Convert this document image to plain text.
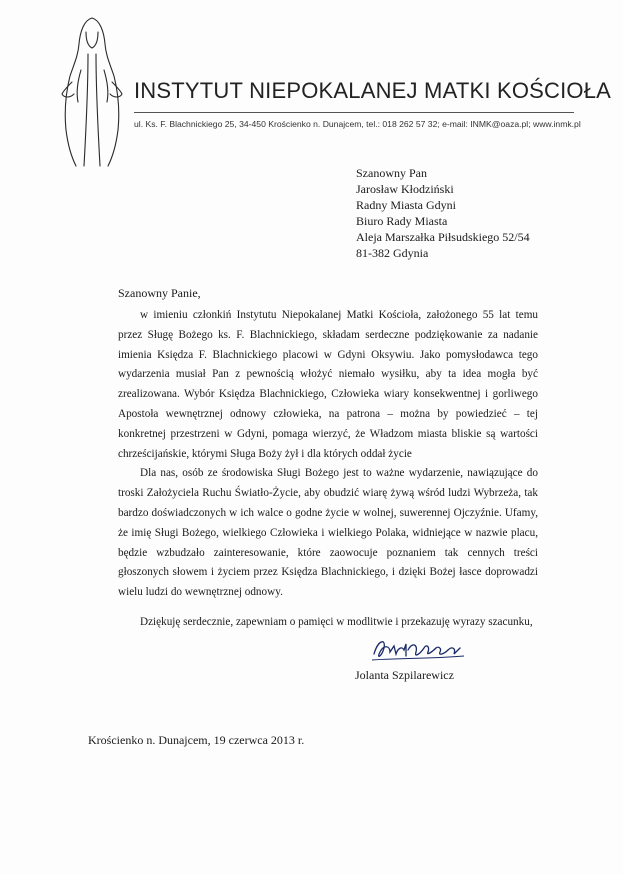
INSTYTUT NIEPOKALANEJ MATKI KOŚCIOŁA
ul. Ks. F. Blachnickiego 25, 34-450 Krościenko n. Dunajcem, tel.: 018 262 57 32; e-mail: INMK@oaza.pl; www.inmk.pl
Szanowny Pan
Jarosław Kłodziński
Radny Miasta Gdyni
Biuro Rady Miasta
Aleja Marszałka Piłsudskiego 52/54
81-382 Gdynia
Szanowny Panie,

w imieniu członkiń Instytutu Niepokalanej Matki Kościoła, założonego 55 lat temu przez Sługę Bożego ks. F. Blachnickiego, składam serdeczne podziękowanie za nadanie imienia Księdza F. Blachnickiego placowi w Gdyni Oksywiu. Jako pomysłodawca tego wydarzenia musiał Pan z pewnością włożyć niemało wysiłku, aby ta idea mogła być zrealizowana. Wybór Księdza Blachnickiego, Człowieka wiary konsekwentnej i gorliwego Apostoła wewnętrznej odnowy człowieka, na patrona – można by powiedzieć – tej konkretnej przestrzeni w Gdyni, pomaga wierzyć, że Władzom miasta bliskie są wartości chrześcijańskie, którymi Sługa Boży żył i dla których oddał życie

Dla nas, osób ze środowiska Sługi Bożego jest to ważne wydarzenie, nawiązujące do troski Założyciela Ruchu Światło-Życie, aby obudzić wiarę żywą wśród ludzi Wybrzeża, tak bardzo doświadczonych w ich walce o godne życie w wolnej, suwerennej Ojczyźnie. Ufamy, że imię Sługi Bożego, wielkiego Człowieka i wielkiego Polaka, widniejące w nazwie placu, będzie wzbudzało zainteresowanie, które zaowocuje poznaniem tak cennych treści głoszonych słowem i życiem przez Księdza Blachnickiego, i dzięki Bożej łasce doprowadzi wielu ludzi do wewnętrznej odnowy.

Dziękuję serdecznie, zapewniam o pamięci w modlitwie i przekazuję wyrazy szacunku,

Jolanta Szpilarewicz
Krościenko n. Dunajcem, 19 czerwca 2013 r.
